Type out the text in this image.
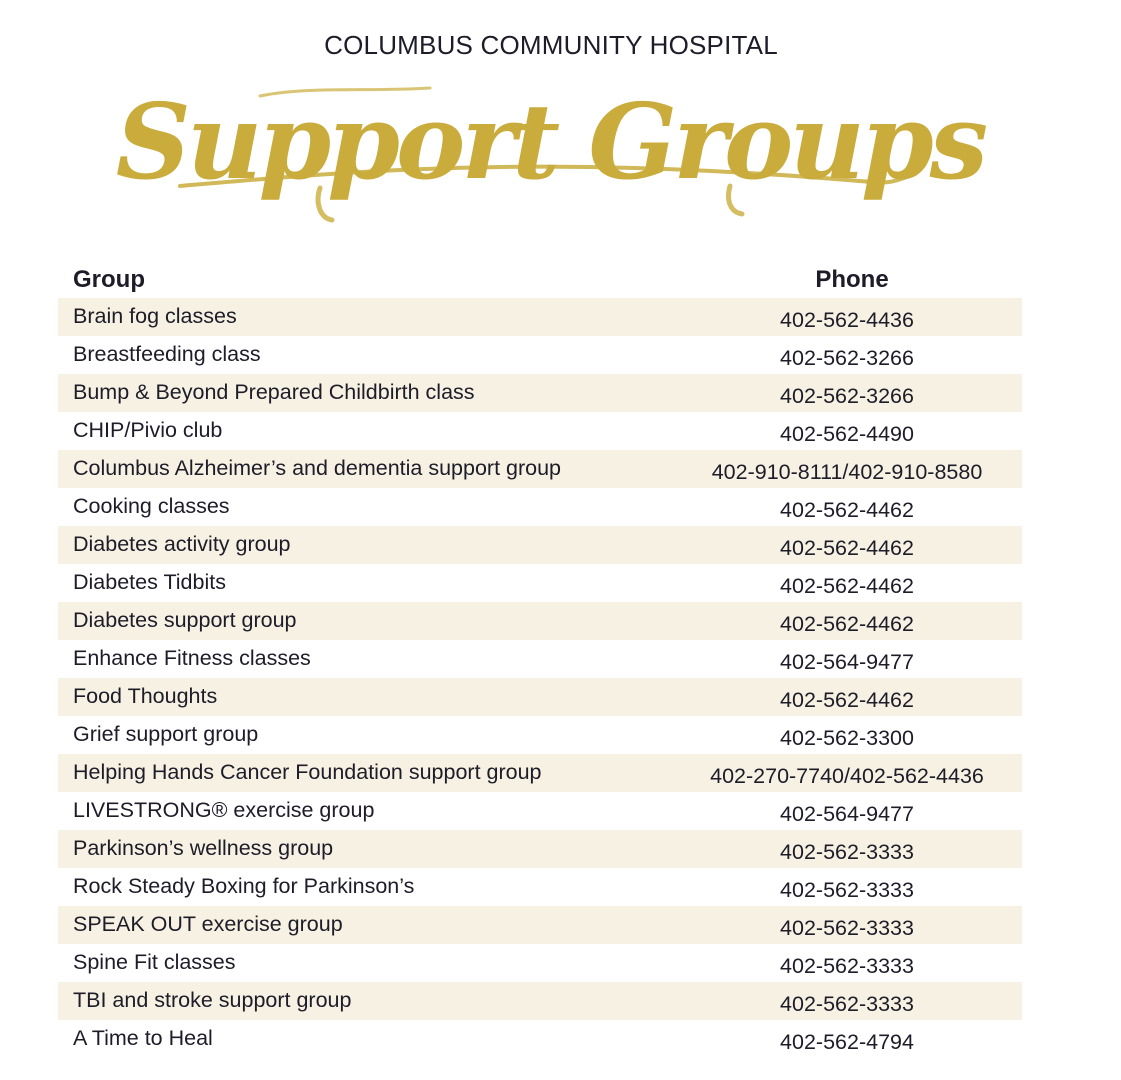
COLUMBUS COMMUNITY HOSPITAL
Support Groups
Group	Phone
Brain fog classes	402-562-4436
Breastfeeding class	402-562-3266
Bump & Beyond Prepared Childbirth class	402-562-3266
CHIP/Pivio club	402-562-4490
Columbus Alzheimer’s and dementia support group	402-910-8111/402-910-8580
Cooking classes	402-562-4462
Diabetes activity group	402-562-4462
Diabetes Tidbits	402-562-4462
Diabetes support group	402-562-4462
Enhance Fitness classes	402-564-9477
Food Thoughts	402-562-4462
Grief support group	402-562-3300
Helping Hands Cancer Foundation support group	402-270-7740/402-562-4436
LIVESTRONG® exercise group	402-564-9477
Parkinson’s wellness group	402-562-3333
Rock Steady Boxing for Parkinson’s	402-562-3333
SPEAK OUT exercise group	402-562-3333
Spine Fit classes	402-562-3333
TBI and stroke support group	402-562-3333
A Time to Heal	402-562-4794
